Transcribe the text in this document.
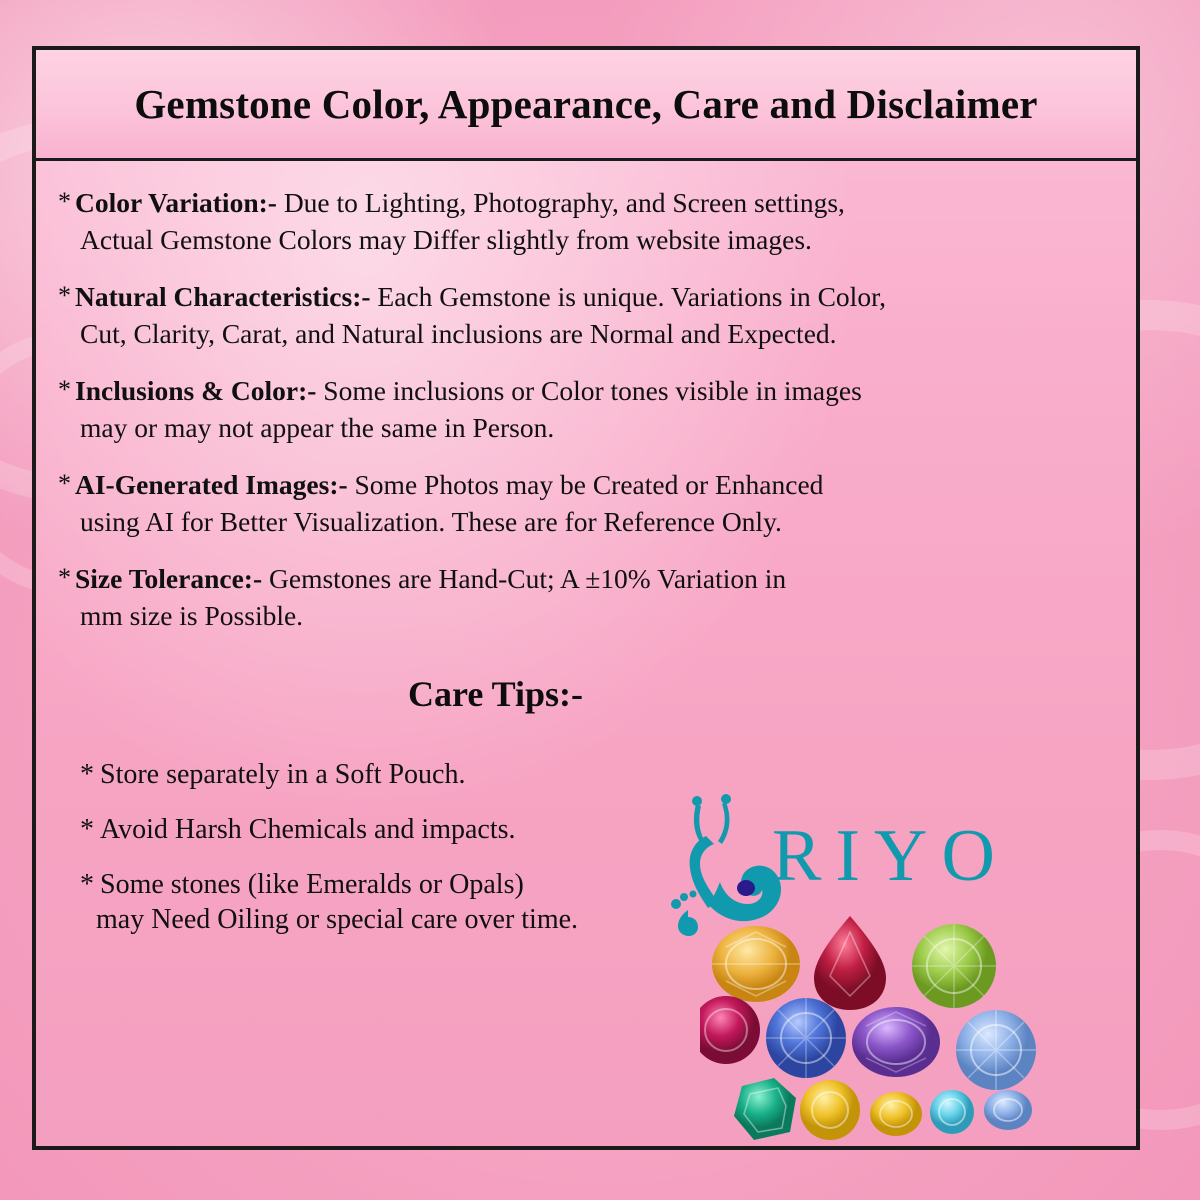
Gemstone Color, Appearance, Care and Disclaimer
* Color Variation:- Due to Lighting, Photography, and Screen settings,
Actual Gemstone Colors may Differ slightly from website images.
* Natural Characteristics:- Each Gemstone is unique. Variations in Color,
Cut, Clarity, Carat, and Natural inclusions are Normal and Expected.
* Inclusions & Color:- Some inclusions or Color tones visible in images
may or may not appear the same in Person.
* AI-Generated Images:- Some Photos may be Created or Enhanced
using AI for Better Visualization. These are for Reference Only.
* Size Tolerance:- Gemstones are Hand-Cut; A ±10% Variation in
mm size is Possible.
Care Tips:-
* Store separately in a Soft Pouch.
* Avoid Harsh Chemicals and impacts.
* Some stones (like Emeralds or Opals)
may Need Oiling or special care over time.
RIYO
